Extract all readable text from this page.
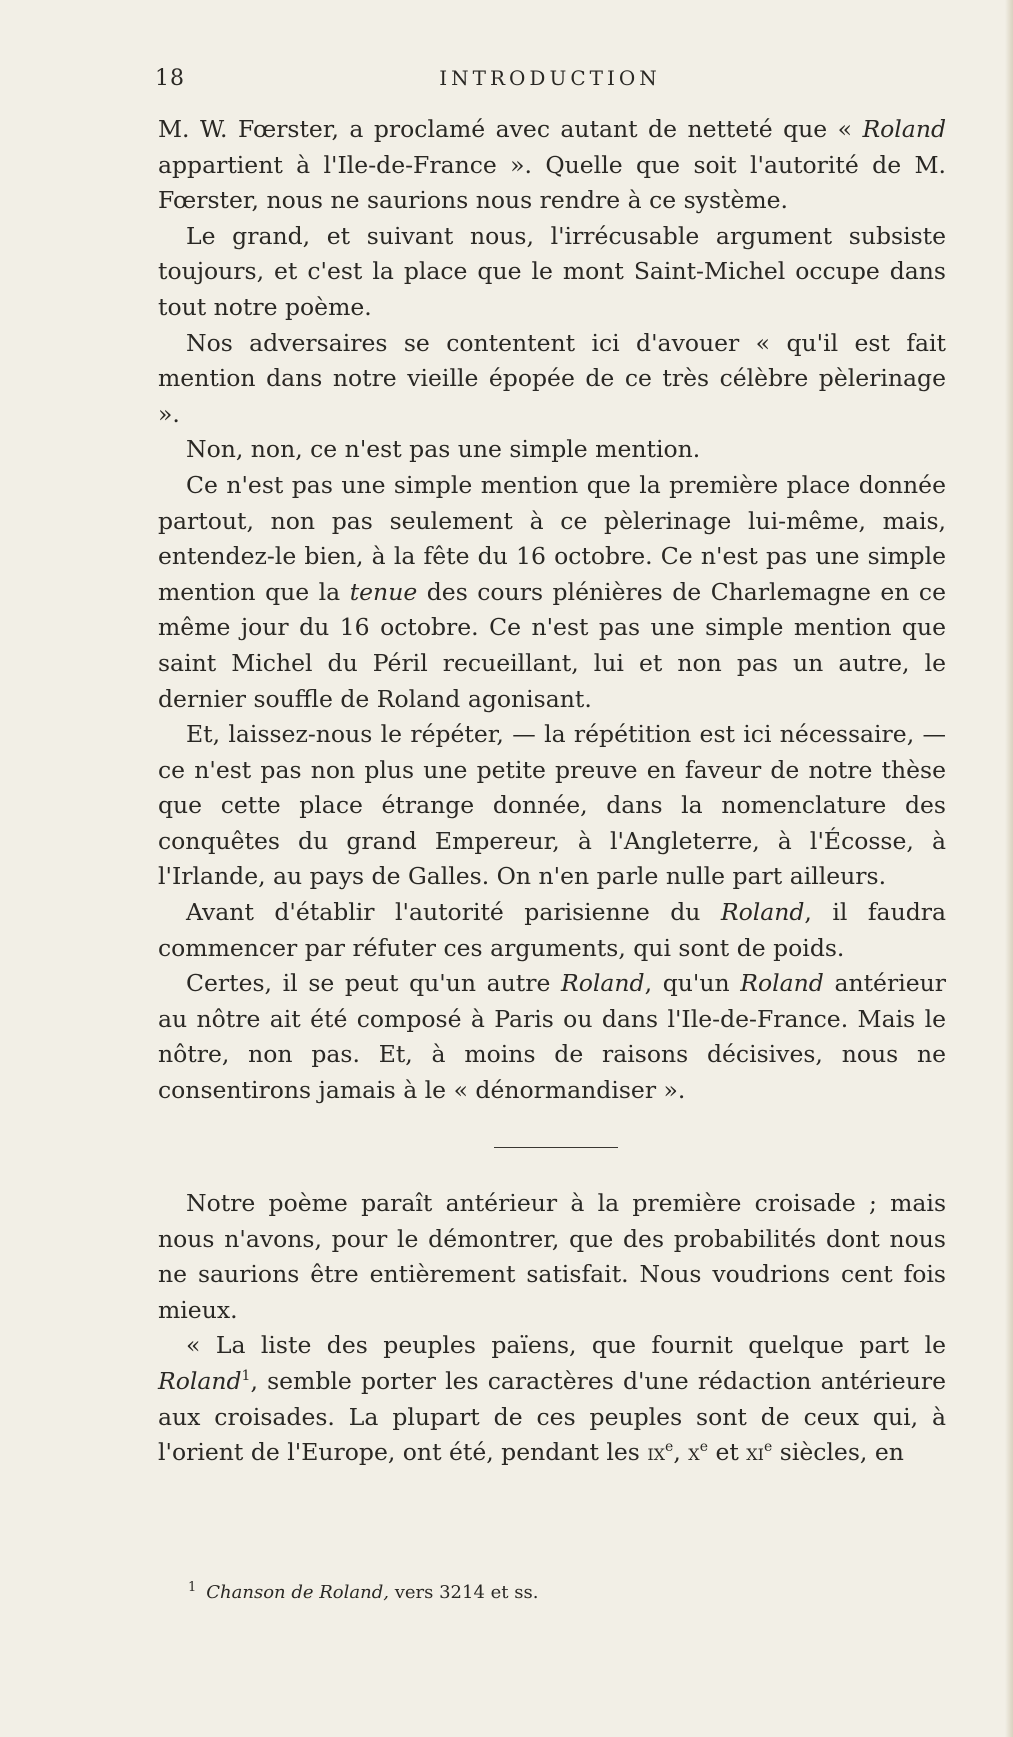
18	INTRODUCTION

M. W. Fœrster, a proclamé avec autant de netteté que « Roland appartient à l'Ile-de-France ». Quelle que soit l'autorité de M. Fœrster, nous ne saurions nous rendre à ce système.

Le grand, et suivant nous, l'irrécusable argument subsiste toujours, et c'est la place que le mont Saint-Michel occupe dans tout notre poème.

Nos adversaires se contentent ici d'avouer « qu'il est fait mention dans notre vieille épopée de ce très célèbre pèlerinage ».

Non, non, ce n'est pas une simple mention.

Ce n'est pas une simple mention que la première place donnée partout, non pas seulement à ce pèlerinage lui-même, mais, entendez-le bien, à la fête du 16 octobre. Ce n'est pas une simple mention que la tenue des cours plénières de Charlemagne en ce même jour du 16 octobre. Ce n'est pas une simple mention que saint Michel du Péril recueillant, lui et non pas un autre, le dernier souffle de Roland agonisant.

Et, laissez-nous le répéter, — la répétition est ici nécessaire, — ce n'est pas non plus une petite preuve en faveur de notre thèse que cette place étrange donnée, dans la nomenclature des conquêtes du grand Empereur, à l'Angleterre, à l'Écosse, à l'Irlande, au pays de Galles. On n'en parle nulle part ailleurs.

Avant d'établir l'autorité parisienne du Roland, il faudra commencer par réfuter ces arguments, qui sont de poids.

Certes, il se peut qu'un autre Roland, qu'un Roland antérieur au nôtre ait été composé à Paris ou dans l'Ile-de-France. Mais le nôtre, non pas. Et, à moins de raisons décisives, nous ne consentirons jamais à le « dénormandiser ».

Notre poème paraît antérieur à la première croisade ; mais nous n'avons, pour le démontrer, que des probabilités dont nous ne saurions être entièrement satisfait. Nous voudrions cent fois mieux.

« La liste des peuples païens, que fournit quelque part le Roland$^1$, semble porter les caractères d'une rédaction antérieure aux croisades. La plupart de ces peuples sont de ceux qui, à l'orient de l'Europe, ont été, pendant les $ix^e$, $x^e$ et $xi^e$ siècles, en

$^1$ Chanson de Roland, vers 3214 et ss.
